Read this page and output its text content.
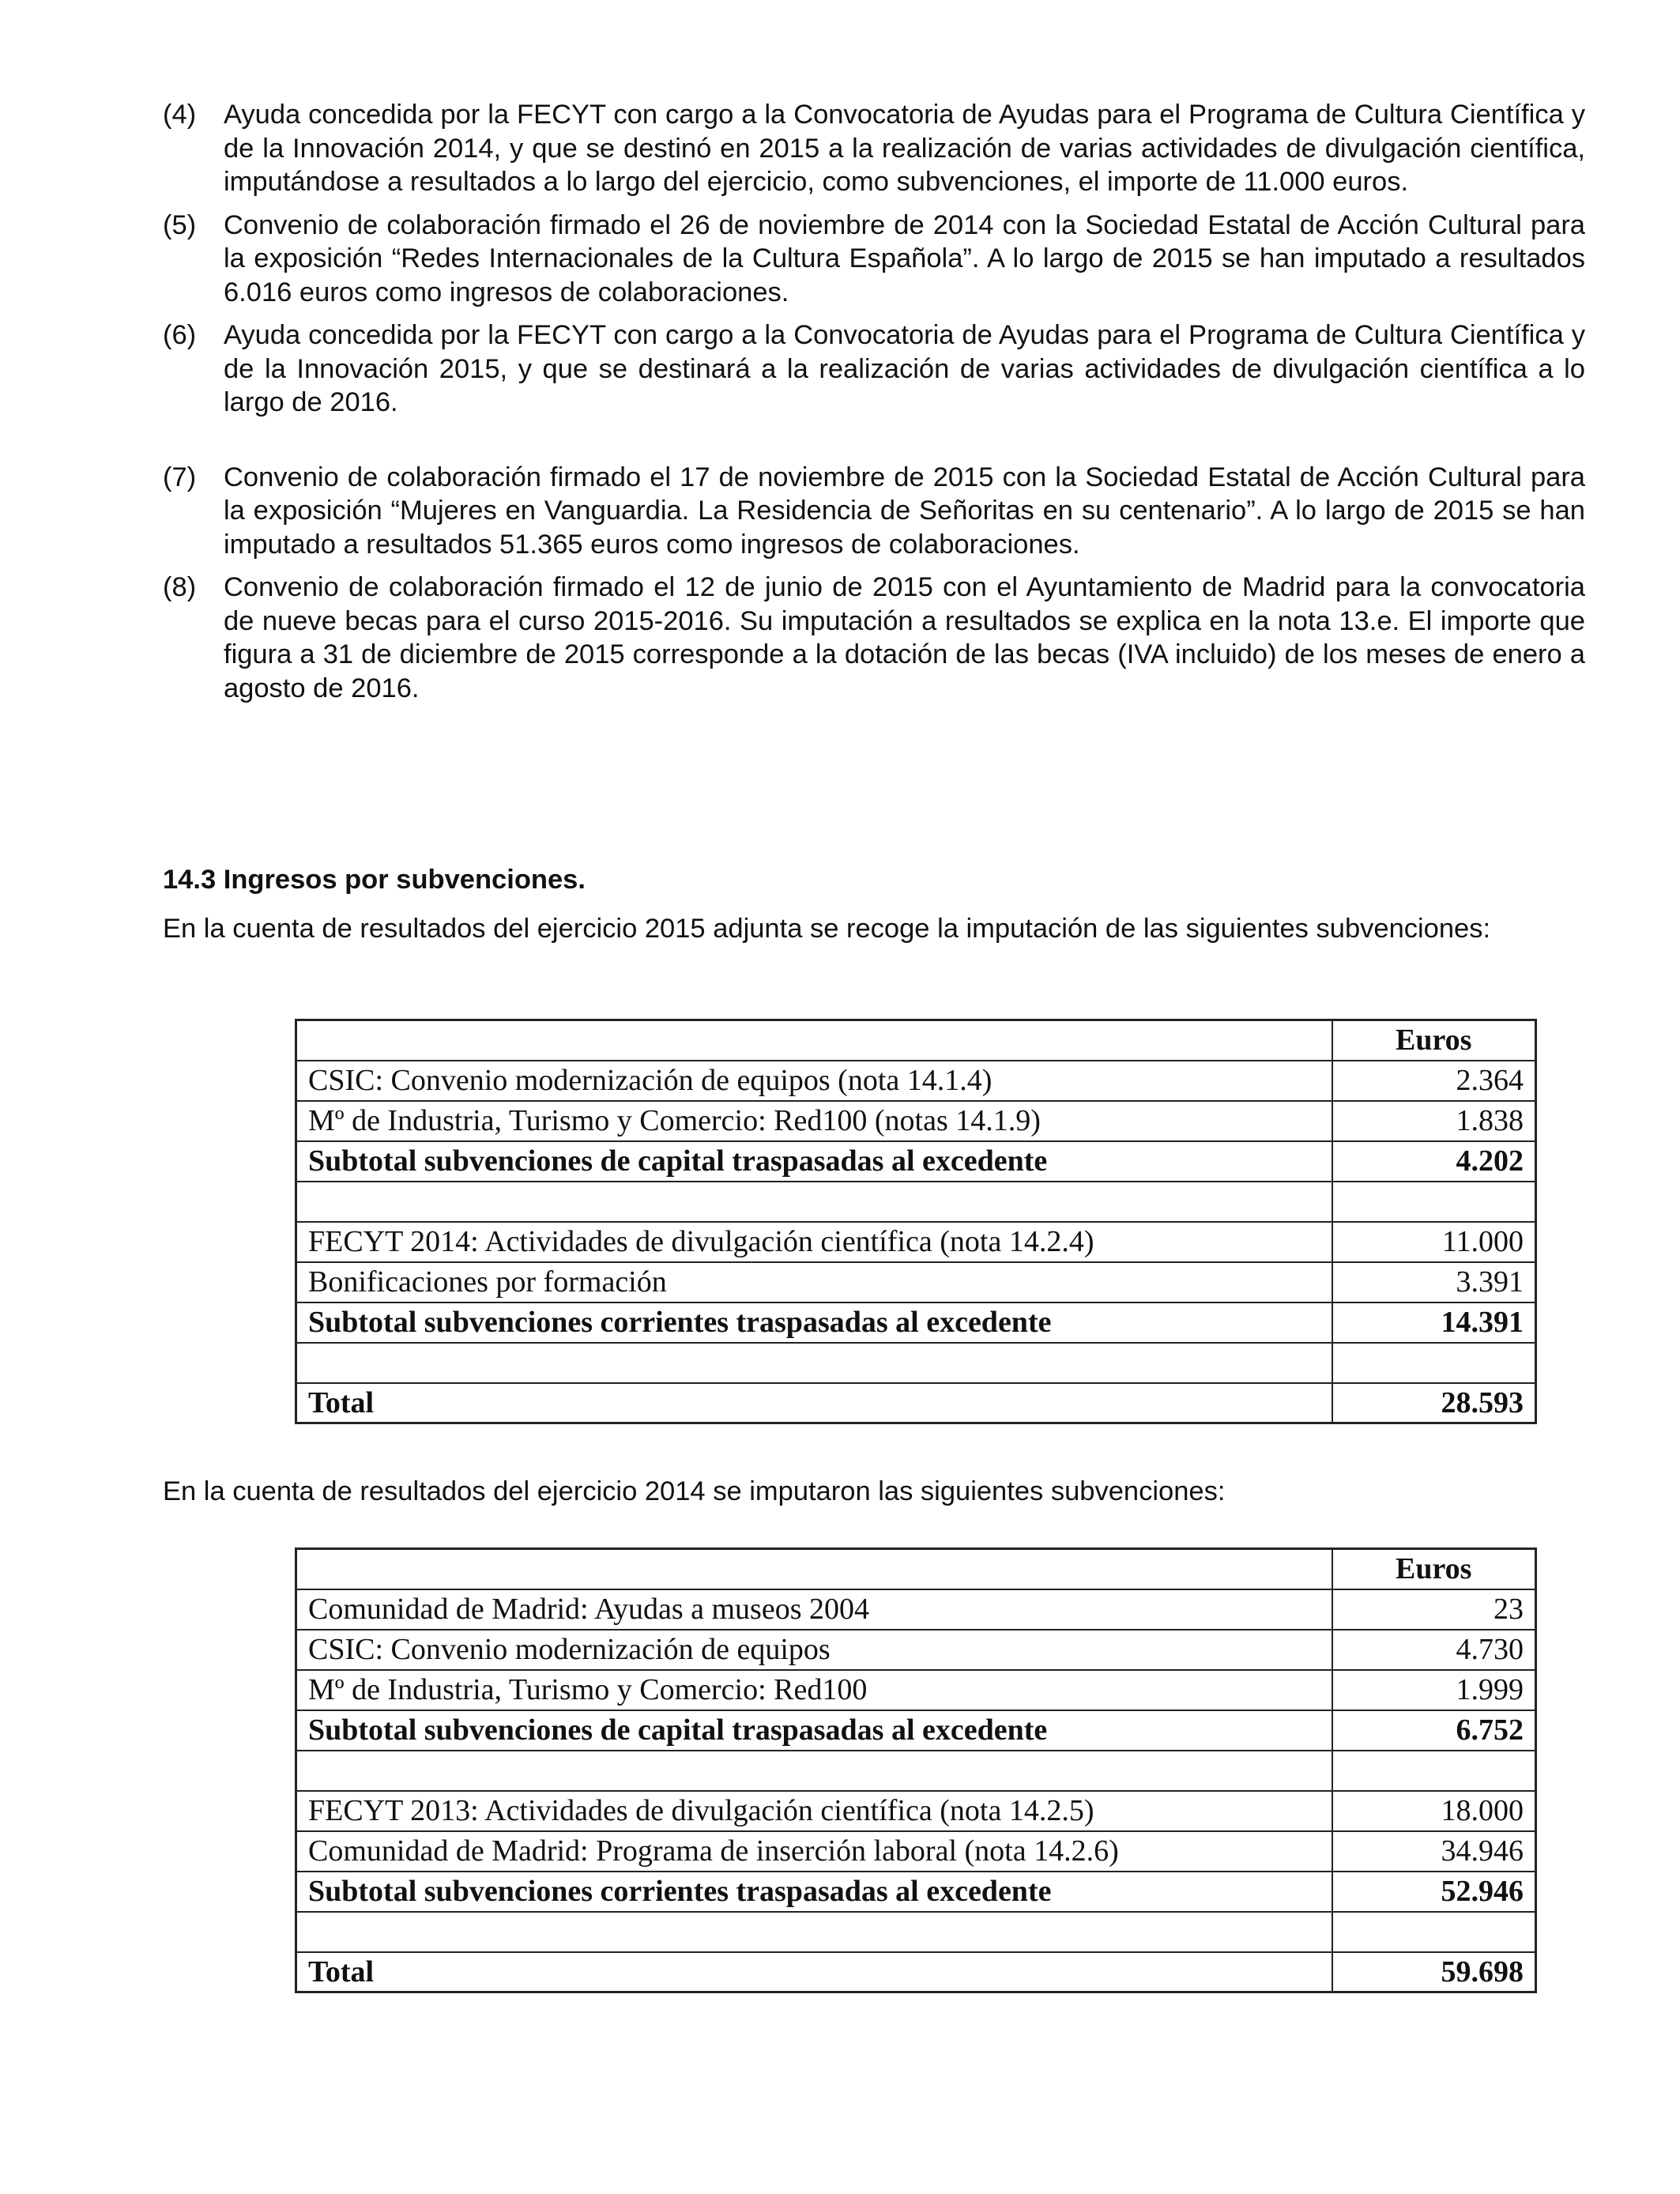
(4)	Ayuda concedida por la FECYT con cargo a la Convocatoria de Ayudas para el Programa de Cultura Científica y de la Innovación 2014, y que se destinó en 2015 a la realización de varias actividades de divulgación científica, imputándose a resultados a lo largo del ejercicio, como subvenciones, el importe de 11.000 euros.
(5)	Convenio de colaboración firmado el 26 de noviembre de 2014 con la Sociedad Estatal de Acción Cultural para la exposición “Redes Internacionales de la Cultura Española”. A lo largo de 2015 se han imputado a resultados 6.016 euros como ingresos de colaboraciones.
(6)	Ayuda concedida por la FECYT con cargo a la Convocatoria de Ayudas para el Programa de Cultura Científica y de la Innovación 2015, y que se destinará a la realización de varias actividades de divulgación científica a lo largo de 2016.
(7)	Convenio de colaboración firmado el 17 de noviembre de 2015 con la Sociedad Estatal de Acción Cultural para la exposición “Mujeres en Vanguardia. La Residencia de Señoritas en su centenario”. A lo largo de 2015 se han imputado a resultados 51.365 euros como ingresos de colaboraciones.
(8)	Convenio de colaboración firmado el 12 de junio de 2015 con el Ayuntamiento de Madrid para la convocatoria de nueve becas para el curso 2015-2016. Su imputación a resultados se explica en la nota 13.e. El importe que figura a 31 de diciembre de 2015 corresponde a la dotación de las becas (IVA incluido) de los meses de enero a agosto de 2016.
14.3 Ingresos por subvenciones.
En la cuenta de resultados del ejercicio 2015 adjunta se recoge la imputación de las siguientes subvenciones:
	Euros
CSIC: Convenio modernización de equipos (nota 14.1.4)	2.364
Mº de Industria, Turismo y Comercio: Red100 (notas 14.1.9)	1.838
Subtotal subvenciones de capital traspasadas al excedente	4.202

FECYT 2014: Actividades de divulgación científica (nota 14.2.4)	11.000
Bonificaciones por formación	3.391
Subtotal subvenciones corrientes traspasadas al excedente	14.391

Total	28.593
En la cuenta de resultados del ejercicio 2014 se imputaron las siguientes subvenciones:
	Euros
Comunidad de Madrid: Ayudas a museos 2004	23
CSIC: Convenio modernización de equipos	4.730
Mº de Industria, Turismo y Comercio: Red100	1.999
Subtotal subvenciones de capital traspasadas al excedente	6.752

FECYT 2013: Actividades de divulgación científica (nota 14.2.5)	18.000
Comunidad de Madrid: Programa de inserción laboral (nota 14.2.6)	34.946
Subtotal subvenciones corrientes traspasadas al excedente	52.946

Total	59.698
